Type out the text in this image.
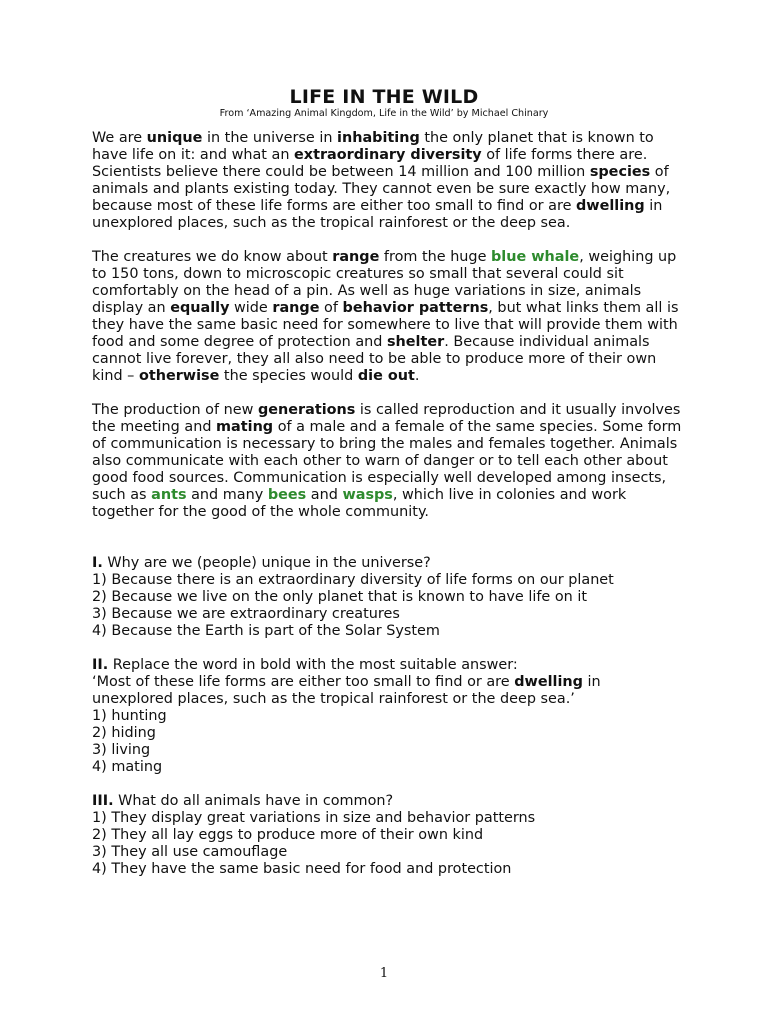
LIFE IN THE WILD
From ‘Amazing Animal Kingdom, Life in the Wild’ by Michael Chinary

We are unique in the universe in inhabiting the only planet that is known to have life on it: and what an extraordinary diversity of life forms there are. Scientists believe there could be between 14 million and 100 million species of animals and plants existing today. They cannot even be sure exactly how many, because most of these life forms are either too small to find or are dwelling in unexplored places, such as the tropical rainforest or the deep sea.

The creatures we do know about range from the huge blue whale, weighing up to 150 tons, down to microscopic creatures so small that several could sit comfortably on the head of a pin. As well as huge variations in size, animals display an equally wide range of behavior patterns, but what links them all is they have the same basic need for somewhere to live that will provide them with food and some degree of protection and shelter. Because individual animals cannot live forever, they all also need to be able to produce more of their own kind – otherwise the species would die out.

The production of new generations is called reproduction and it usually involves the meeting and mating of a male and a female of the same species. Some form of communication is necessary to bring the males and females together. Animals also communicate with each other to warn of danger or to tell each other about good food sources. Communication is especially well developed among insects, such as ants and many bees and wasps, which live in colonies and work together for the good of the whole community.

I. Why are we (people) unique in the universe?

1) Because there is an extraordinary diversity of life forms on our planet

2) Because we live on the only planet that is known to have life on it

3) Because we are extraordinary creatures

4) Because the Earth is part of the Solar System

II. Replace the word in bold with the most suitable answer:

‘Most of these life forms are either too small to find or are dwelling in unexplored places, such as the tropical rainforest or the deep sea.’

1) hunting

2) hiding

3) living

4) mating

III. What do all animals have in common?

1) They display great variations in size and behavior patterns

2) They all lay eggs to produce more of their own kind

3) They all use camouflage

4) They have the same basic need for food and protection

1
